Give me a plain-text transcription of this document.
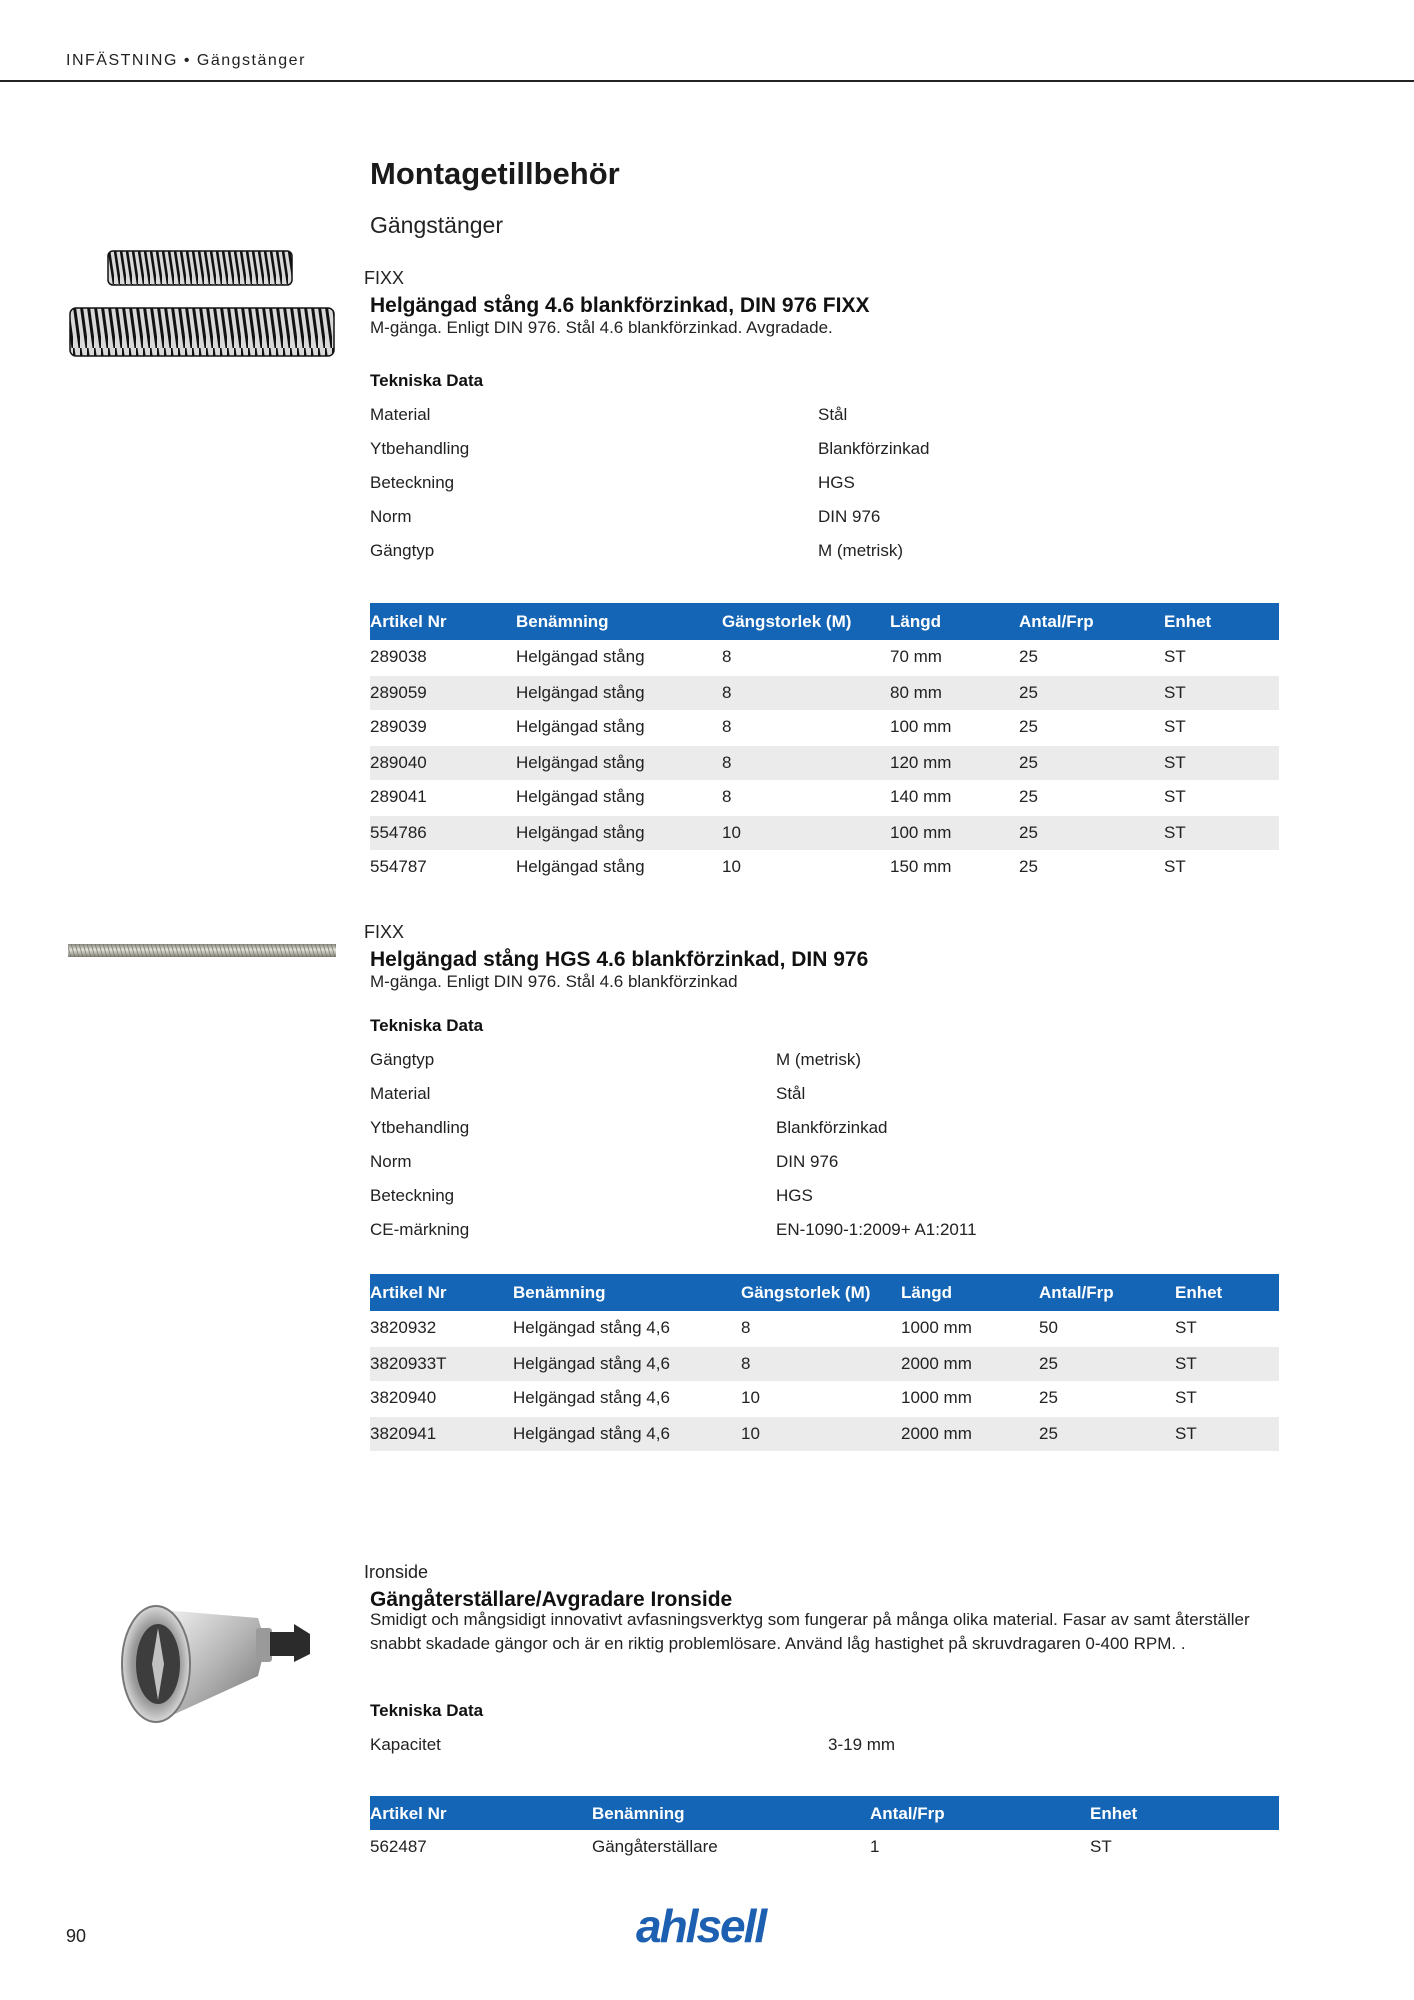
INFÄSTNING • Gängstänger
Montagetillbehör
Gängstänger
FIXX
Helgängad stång 4.6 blankförzinkad, DIN 976 FIXX
M-gänga. Enligt DIN 976. Stål 4.6 blankförzinkad. Avgradade.
Tekniska Data
Material	Stål
Ytbehandling	Blankförzinkad
Beteckning	HGS
Norm	DIN 976
Gängtyp	M (metrisk)
Artikel Nr	Benämning	Gängstorlek (M)	Längd	Antal/Frp	Enhet
289038	Helgängad stång	8	70 mm	25	ST
289059	Helgängad stång	8	80 mm	25	ST
289039	Helgängad stång	8	100 mm	25	ST
289040	Helgängad stång	8	120 mm	25	ST
289041	Helgängad stång	8	140 mm	25	ST
554786	Helgängad stång	10	100 mm	25	ST
554787	Helgängad stång	10	150 mm	25	ST
FIXX
Helgängad stång HGS 4.6 blankförzinkad, DIN 976
M-gänga. Enligt DIN 976. Stål 4.6 blankförzinkad
Tekniska Data
Gängtyp	M (metrisk)
Material	Stål
Ytbehandling	Blankförzinkad
Norm	DIN 976
Beteckning	HGS
CE-märkning	EN-1090-1:2009+ A1:2011
Artikel Nr	Benämning	Gängstorlek (M)	Längd	Antal/Frp	Enhet
3820932	Helgängad stång 4,6	8	1000 mm	50	ST
3820933T	Helgängad stång 4,6	8	2000 mm	25	ST
3820940	Helgängad stång 4,6	10	1000 mm	25	ST
3820941	Helgängad stång 4,6	10	2000 mm	25	ST
Ironside
Gängåterställare/Avgradare Ironside
Smidigt och mångsidigt innovativt avfasningsverktyg som fungerar på många olika material. Fasar av samt återställer snabbt skadade gängor och är en riktig problemlösare. Använd låg hastighet på skruvdragaren 0-400 RPM. .
Tekniska Data
Kapacitet	3-19 mm
Artikel Nr	Benämning	Antal/Frp	Enhet
562487	Gängåterställare	1	ST
90	ahlsell
